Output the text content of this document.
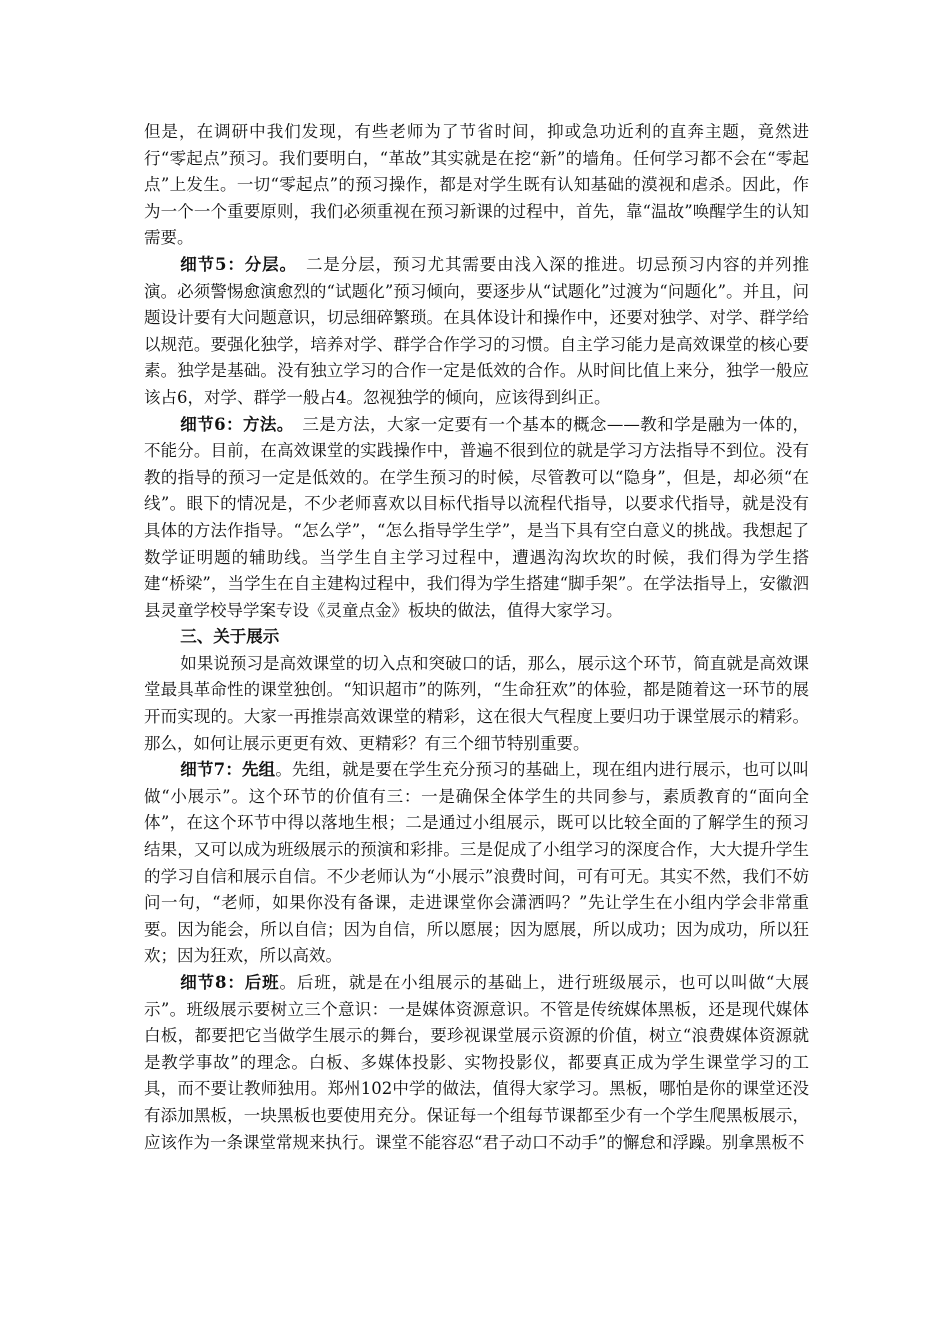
但是，在调研中我们发现，有些老师为了节省时间，抑或急功近利的直奔主题，竟然进行“零起点”预习。我们要明白，“革故”其实就是在挖“新”的墙角。任何学习都不会在“零起点”上发生。一切“零起点”的预习操作，都是对学生既有认知基础的漠视和虐杀。因此，作为一个一个重要原则，我们必须重视在预习新课的过程中，首先，靠“温故”唤醒学生的认知需要。

细节5：分层。　二是分层，预习尤其需要由浅入深的推进。切忌预习内容的并列推演。必须警惕愈演愈烈的“试题化”预习倾向，要逐步从“试题化”过渡为“问题化”。并且，问题设计要有大问题意识，切忌细碎繁琐。在具体设计和操作中，还要对独学、对学、群学给以规范。要强化独学，培养对学、群学合作学习的习惯。自主学习能力是高效课堂的核心要素。独学是基础。没有独立学习的合作一定是低效的合作。从时间比值上来分，独学一般应该占6，对学、群学一般占4。忽视独学的倾向，应该得到纠正。

细节6：方法。　三是方法，大家一定要有一个基本的概念——教和学是融为一体的，不能分。目前，在高效课堂的实践操作中，普遍不很到位的就是学习方法指导不到位。没有教的指导的预习一定是低效的。在学生预习的时候，尽管教可以“隐身”，但是，却必须“在线”。眼下的情况是，不少老师喜欢以目标代指导以流程代指导，以要求代指导，就是没有具体的方法作指导。“怎么学”，“怎么指导学生学”，是当下具有空白意义的挑战。我想起了数学证明题的辅助线。当学生自主学习过程中，遭遇沟沟坎坎的时候，我们得为学生搭建“桥梁”，当学生在自主建构过程中，我们得为学生搭建“脚手架”。在学法指导上，安徽泗县灵童学校导学案专设《灵童点金》板块的做法，值得大家学习。

三、关于展示

如果说预习是高效课堂的切入点和突破口的话，那么，展示这个环节，简直就是高效课堂最具革命性的课堂独创。“知识超市”的陈列，“生命狂欢”的体验，都是随着这一环节的展开而实现的。大家一再推崇高效课堂的精彩，这在很大气程度上要归功于课堂展示的精彩。那么，如何让展示更更有效、更精彩？有三个细节特别重要。

细节7：先组。先组，就是要在学生充分预习的基础上，现在组内进行展示，也可以叫做“小展示”。这个环节的价值有三：一是确保全体学生的共同参与，素质教育的“面向全体”，在这个环节中得以落地生根；二是通过小组展示，既可以比较全面的了解学生的预习结果，又可以成为班级展示的预演和彩排。三是促成了小组学习的深度合作，大大提升学生的学习自信和展示自信。不少老师认为“小展示”浪费时间，可有可无。其实不然，我们不妨问一句，“老师，如果你没有备课，走进课堂你会潇洒吗？”先让学生在小组内学会非常重要。因为能会，所以自信；因为自信，所以愿展；因为愿展，所以成功；因为成功，所以狂欢；因为狂欢，所以高效。

细节8：后班。后班，就是在小组展示的基础上，进行班级展示，也可以叫做“大展示”。班级展示要树立三个意识：一是媒体资源意识。不管是传统媒体黑板，还是现代媒体白板，都要把它当做学生展示的舞台，要珍视课堂展示资源的价值，树立“浪费媒体资源就是教学事故”的理念。白板、多媒体投影、实物投影仪，都要真正成为学生课堂学习的工具，而不要让教师独用。郑州102中学的做法，值得大家学习。黑板，哪怕是你的课堂还没有添加黑板，一块黑板也要使用充分。保证每一个组每节课都至少有一个学生爬黑板展示，应该作为一条课堂常规来执行。课堂不能容忍“君子动口不动手”的懈怠和浮躁。别拿黑板不
